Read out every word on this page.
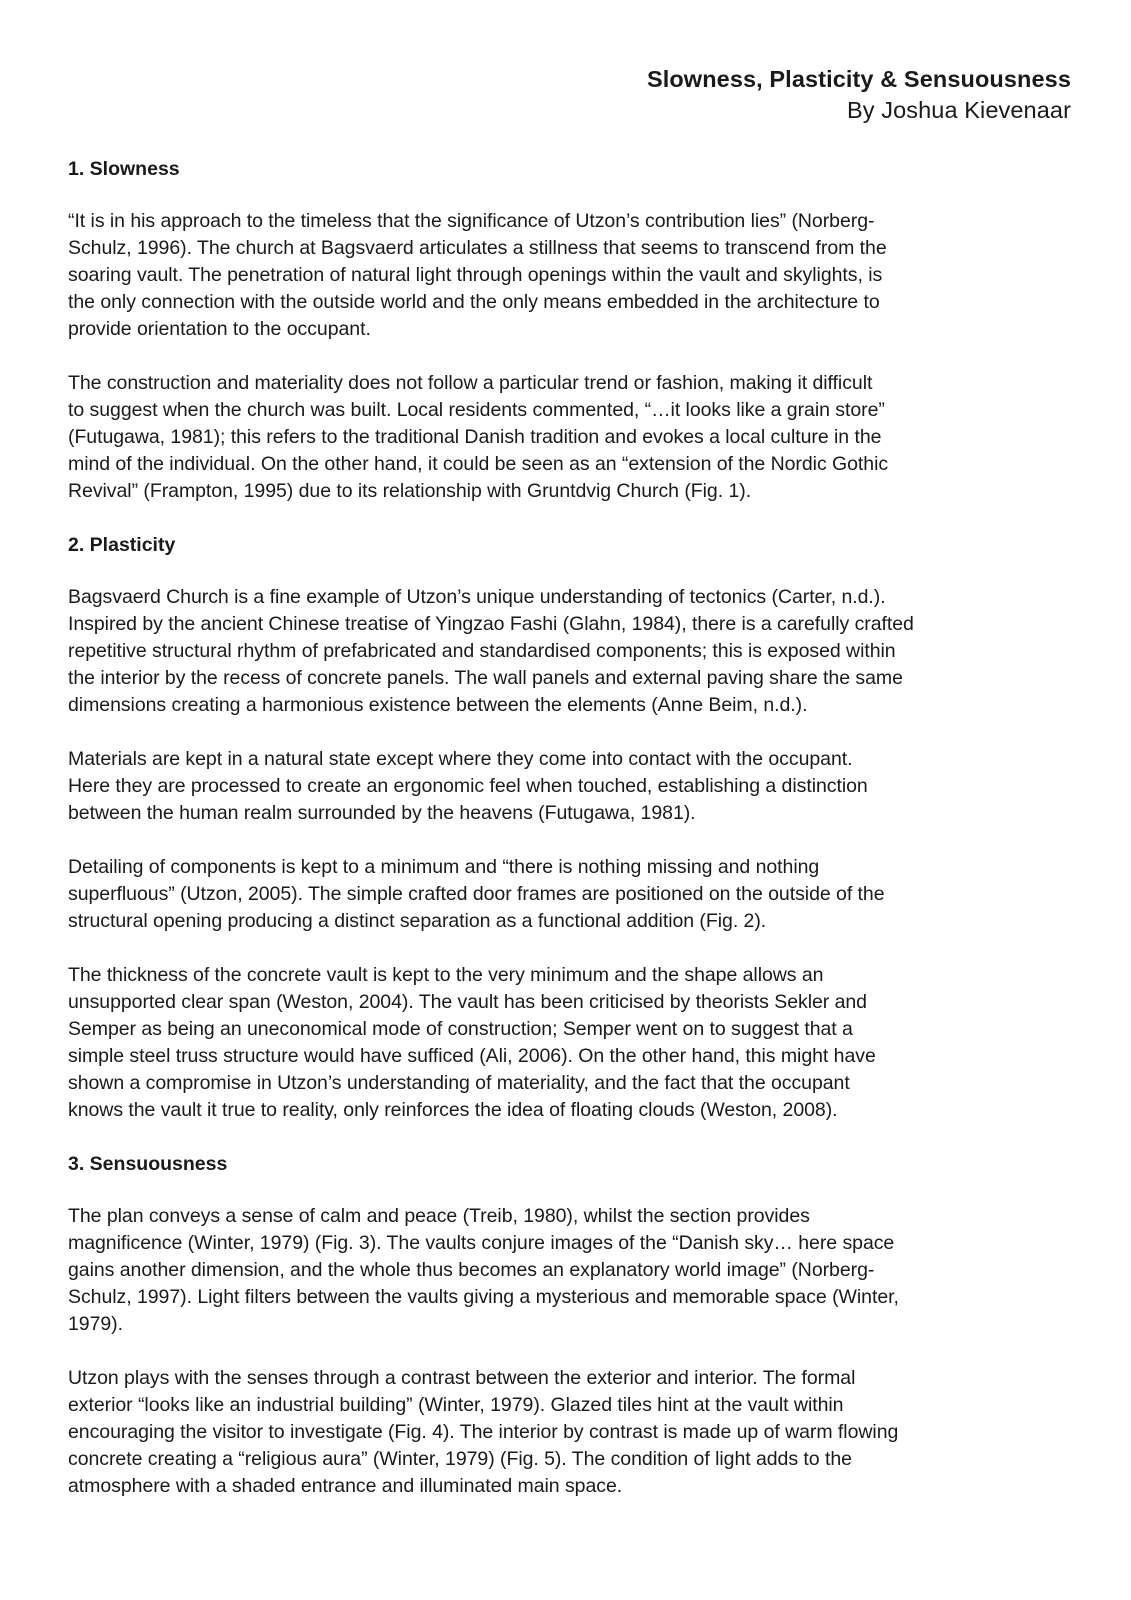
Slowness, Plasticity & Sensuousness
By Joshua Kievenaar
1. Slowness
“It is in his approach to the timeless that the significance of Utzon’s contribution lies” (Norberg-
Schulz, 1996). The church at Bagsvaerd articulates a stillness that seems to transcend from the
soaring vault. The penetration of natural light through openings within the vault and skylights, is
the only connection with the outside world and the only means embedded in the architecture to
provide orientation to the occupant.
The construction and materiality does not follow a particular trend or fashion, making it difficult
to suggest when the church was built. Local residents commented, “…it looks like a grain store”
(Futugawa, 1981); this refers to the traditional Danish tradition and evokes a local culture in the
mind of the individual. On the other hand, it could be seen as an “extension of the Nordic Gothic
Revival” (Frampton, 1995) due to its relationship with Gruntdvig Church (Fig. 1).
2. Plasticity
Bagsvaerd Church is a fine example of Utzon’s unique understanding of tectonics (Carter, n.d.).
Inspired by the ancient Chinese treatise of Yingzao Fashi (Glahn, 1984), there is a carefully crafted
repetitive structural rhythm of prefabricated and standardised components; this is exposed within
the interior by the recess of concrete panels. The wall panels and external paving share the same
dimensions creating a harmonious existence between the elements (Anne Beim, n.d.).
Materials are kept in a natural state except where they come into contact with the occupant.
Here they are processed to create an ergonomic feel when touched, establishing a distinction
between the human realm surrounded by the heavens (Futugawa, 1981).
Detailing of components is kept to a minimum and “there is nothing missing and nothing
superfluous” (Utzon, 2005). The simple crafted door frames are positioned on the outside of the
structural opening producing a distinct separation as a functional addition (Fig. 2).
The thickness of the concrete vault is kept to the very minimum and the shape allows an
unsupported clear span (Weston, 2004). The vault has been criticised by theorists Sekler and
Semper as being an uneconomical mode of construction; Semper went on to suggest that a
simple steel truss structure would have sufficed (Ali, 2006). On the other hand, this might have
shown a compromise in Utzon’s understanding of materiality, and the fact that the occupant
knows the vault it true to reality, only reinforces the idea of floating clouds (Weston, 2008).
3. Sensuousness
The plan conveys a sense of calm and peace (Treib, 1980), whilst the section provides
magnificence (Winter, 1979) (Fig. 3). The vaults conjure images of the “Danish sky… here space
gains another dimension, and the whole thus becomes an explanatory world image” (Norberg-
Schulz, 1997). Light filters between the vaults giving a mysterious and memorable space (Winter,
1979).
Utzon plays with the senses through a contrast between the exterior and interior. The formal
exterior “looks like an industrial building” (Winter, 1979). Glazed tiles hint at the vault within
encouraging the visitor to investigate (Fig. 4). The interior by contrast is made up of warm flowing
concrete creating a “religious aura” (Winter, 1979) (Fig. 5). The condition of light adds to the
atmosphere with a shaded entrance and illuminated main space.
